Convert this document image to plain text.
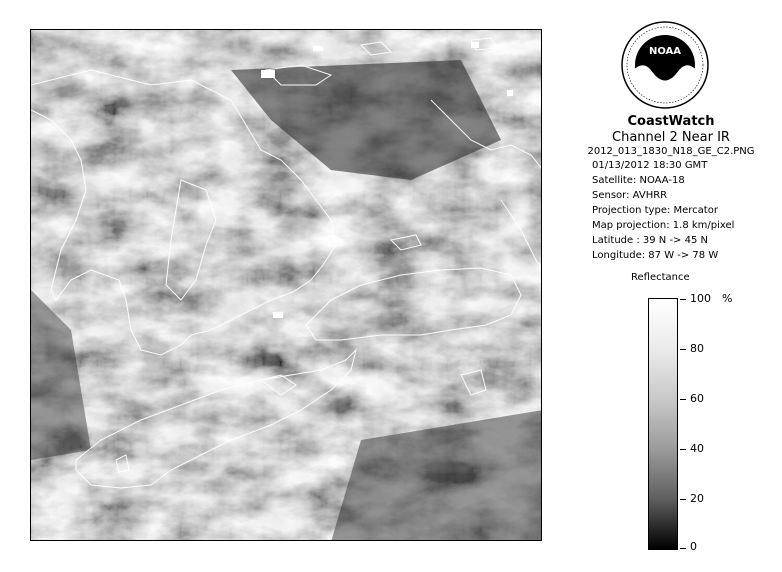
NOAA
CoastWatch
Channel 2 Near IR
2012_013_1830_N18_GE_C2.PNG
01/13/2012 18:30 GMT
Satellite: NOAA-18
Sensor: AVHRR
Projection type: Mercator
Map projection: 1.8 km/pixel
Latitude : 39 N -> 45 N
Longitude: 87 W -> 78 W
Reflectance
%
100
80
60
40
20
0
